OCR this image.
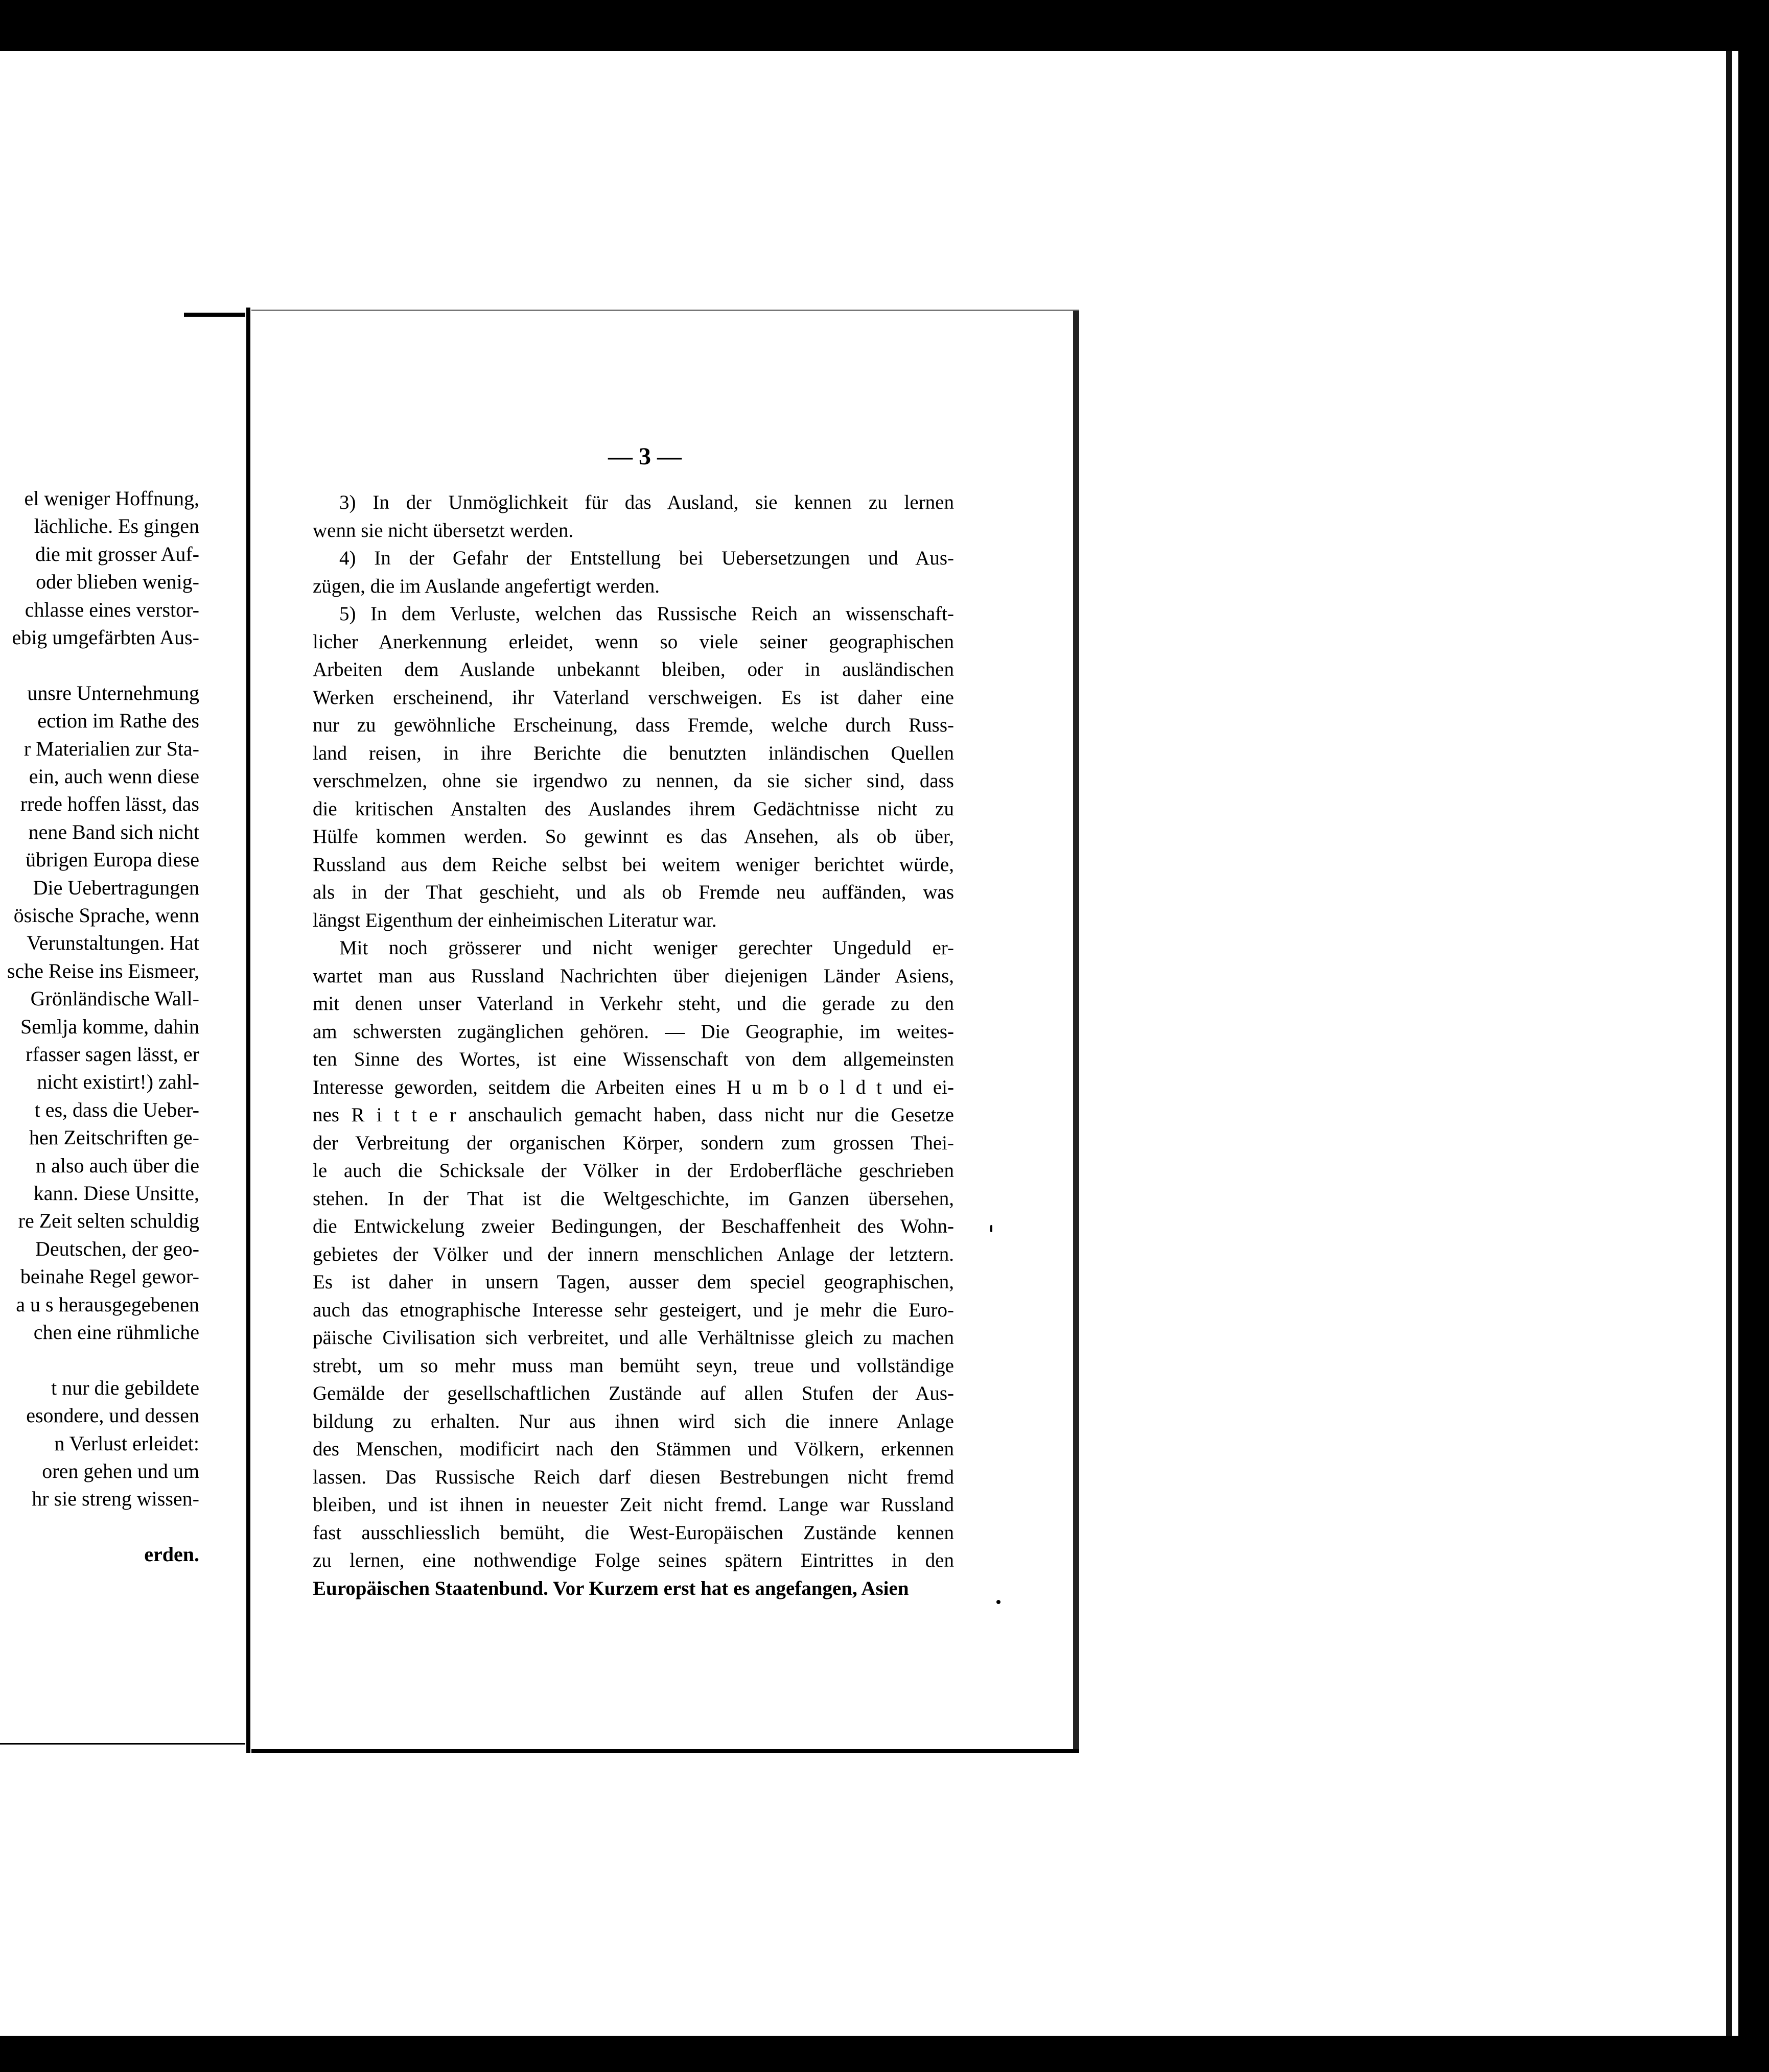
el weniger Hoffnung,
lächliche. Es gingen
die mit grosser Auf-
oder blieben wenig-
chlasse eines verstor-
ebig umgefärbten Aus-
unsre Unternehmung
ection im Rathe des
r Materialien zur Sta-
ein, auch wenn diese
rrede hoffen lässt, das
nene Band sich nicht
übrigen Europa diese
Die Uebertragungen
ösische Sprache, wenn
Verunstaltungen. Hat
sche Reise ins Eismeer,
Grönländische Wall-
Semlja komme, dahin
rfasser sagen lässt, er
nicht existirt!) zahl-
t es, dass die Ueber-
hen Zeitschriften ge-
n also auch über die
kann. Diese Unsitte,
re Zeit selten schuldig
Deutschen, der geo-
beinahe Regel gewor-
a u s herausgegebenen
chen eine rühmliche
t nur die gebildete
esondere, und dessen
n Verlust erleidet:
oren gehen und um
hr sie streng wissen-
erden.
— 3 —
3) In der Unmöglichkeit für das Ausland, sie kennen zu lernen
wenn sie nicht übersetzt werden.
4) In der Gefahr der Entstellung bei Uebersetzungen und Aus-
zügen, die im Auslande angefertigt werden.
5) In dem Verluste, welchen das Russische Reich an wissenschaft-
licher Anerkennung erleidet, wenn so viele seiner geographischen
Arbeiten dem Auslande unbekannt bleiben, oder in ausländischen
Werken erscheinend, ihr Vaterland verschweigen. Es ist daher eine
nur zu gewöhnliche Erscheinung, dass Fremde, welche durch Russ-
land reisen, in ihre Berichte die benutzten inländischen Quellen
verschmelzen, ohne sie irgendwo zu nennen, da sie sicher sind, dass
die kritischen Anstalten des Auslandes ihrem Gedächtnisse nicht zu
Hülfe kommen werden. So gewinnt es das Ansehen, als ob über,
Russland aus dem Reiche selbst bei weitem weniger berichtet würde,
als in der That geschieht, und als ob Fremde neu auffänden, was
längst Eigenthum der einheimischen Literatur war.
Mit noch grösserer und nicht weniger gerechter Ungeduld er-
wartet man aus Russland Nachrichten über diejenigen Länder Asiens,
mit denen unser Vaterland in Verkehr steht, und die gerade zu den
am schwersten zugänglichen gehören. — Die Geographie, im weites-
ten Sinne des Wortes, ist eine Wissenschaft von dem allgemeinsten
Interesse geworden, seitdem die Arbeiten eines H u m b o l d t und ei-
nes R i t t e r anschaulich gemacht haben, dass nicht nur die Gesetze
der Verbreitung der organischen Körper, sondern zum grossen Thei-
le auch die Schicksale der Völker in der Erdoberfläche geschrieben
stehen. In der That ist die Weltgeschichte, im Ganzen übersehen,
die Entwickelung zweier Bedingungen, der Beschaffenheit des Wohn-
gebietes der Völker und der innern menschlichen Anlage der letztern.
Es ist daher in unsern Tagen, ausser dem speciel geographischen,
auch das etnographische Interesse sehr gesteigert, und je mehr die Euro-
päische Civilisation sich verbreitet, und alle Verhältnisse gleich zu machen
strebt, um so mehr muss man bemüht seyn, treue und vollständige
Gemälde der gesellschaftlichen Zustände auf allen Stufen der Aus-
bildung zu erhalten. Nur aus ihnen wird sich die innere Anlage
des Menschen, modificirt nach den Stämmen und Völkern, erkennen
lassen. Das Russische Reich darf diesen Bestrebungen nicht fremd
bleiben, und ist ihnen in neuester Zeit nicht fremd. Lange war Russland
fast ausschliesslich bemüht, die West-Europäischen Zustände kennen
zu lernen, eine nothwendige Folge seines spätern Eintrittes in den
Europäischen Staatenbund. Vor Kurzem erst hat es angefangen, Asien
